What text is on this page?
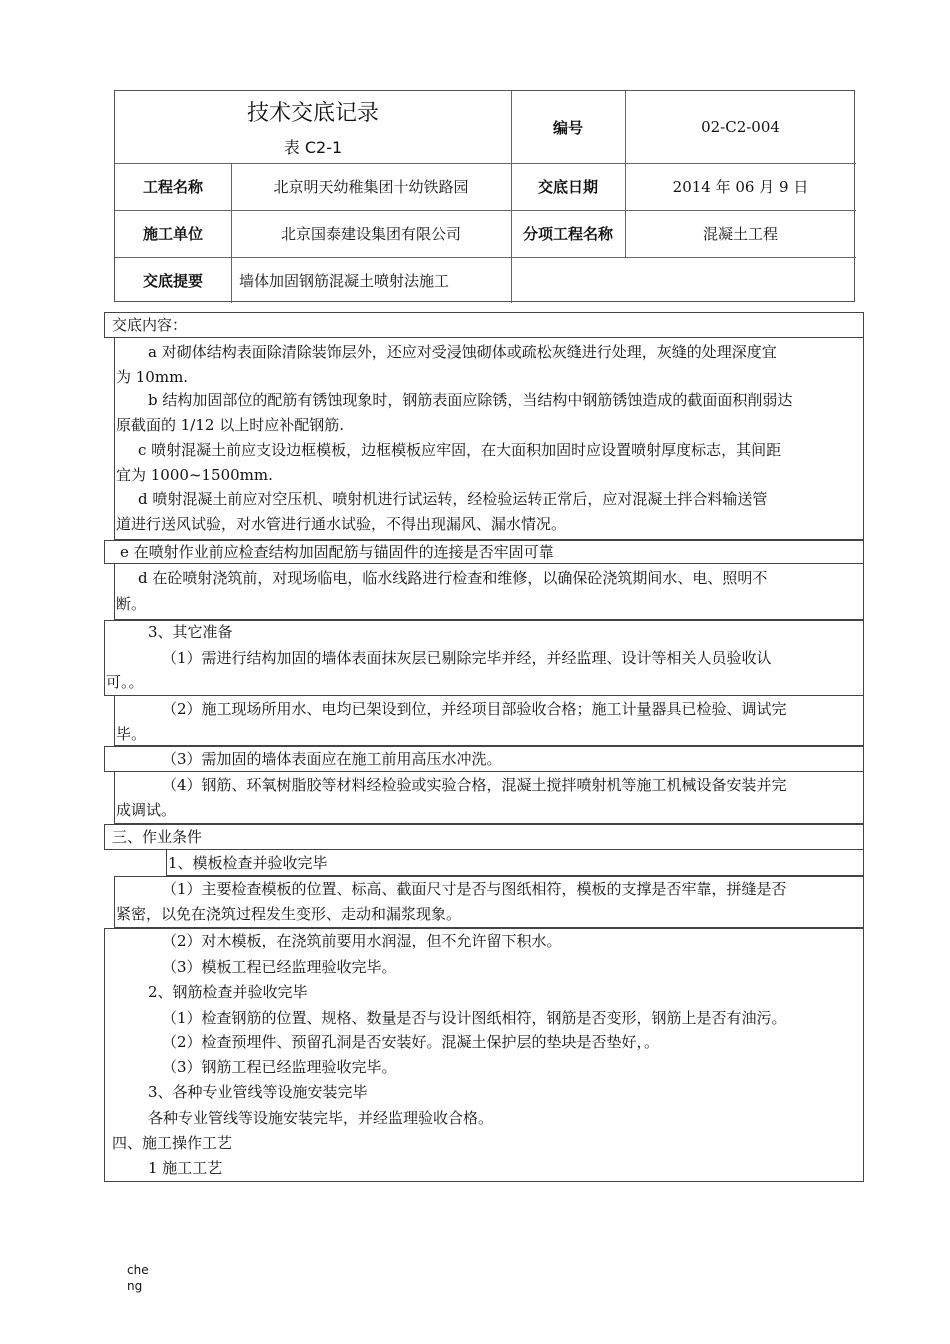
技术交底记录
表 C2-1
编号	02-C2-004
工程名称	北京明天幼稚集团十幼铁路园	交底日期	2014 年 06 月 9 日
施工单位	北京国泰建设集团有限公司	分项工程名称	混凝土工程
交底提要	墙体加固钢筋混凝土喷射法施工
交底内容：
a 对砌体结构表面除清除装饰层外，还应对受浸蚀砌体或疏松灰缝进行处理，灰缝的处理深度宜
为 10mm.
b 结构加固部位的配筋有锈蚀现象时，钢筋表面应除锈，当结构中钢筋锈蚀造成的截面面积削弱达
原截面的 1/12 以上时应补配钢筋.
c 喷射混凝土前应支设边框模板，边框模板应牢固，在大面积加固时应设置喷射厚度标志，其间距
宜为 1000~1500mm.
d 喷射混凝土前应对空压机、喷射机进行试运转，经检验运转正常后，应对混凝土拌合料输送管
道进行送风试验，对水管进行通水试验，不得出现漏风、漏水情况。
e 在喷射作业前应检查结构加固配筋与锚固件的连接是否牢固可靠
d 在砼喷射浇筑前，对现场临电，临水线路进行检查和维修，以确保砼浇筑期间水、电、照明不
断。
3、其它准备
（1）需进行结构加固的墙体表面抹灰层已剔除完毕并经，并经监理、设计等相关人员验收认
可。。
（2）施工现场所用水、电均已架设到位，并经项目部验收合格；施工计量器具已检验、调试完
毕。
（3）需加固的墙体表面应在施工前用高压水冲洗。
（4）钢筋、环氧树脂胶等材料经检验或实验合格，混凝土搅拌喷射机等施工机械设备安装并完
成调试。
三、作业条件
1、模板检查并验收完毕
（1）主要检查模板的位置、标高、截面尺寸是否与图纸相符，模板的支撑是否牢靠，拼缝是否
紧密，以免在浇筑过程发生变形、走动和漏浆现象。
（2）对木模板，在浇筑前要用水润湿，但不允许留下积水。
（3）模板工程已经监理验收完毕。
2、钢筋检查并验收完毕
（1）检查钢筋的位置、规格、数量是否与设计图纸相符，钢筋是否变形，钢筋上是否有油污。
（2）检查预埋件、预留孔洞是否安装好。混凝土保护层的垫块是否垫好，。
（3）钢筋工程已经监理验收完毕。
3、各种专业管线等设施安装完毕
各种专业管线等设施安装完毕，并经监理验收合格。
四、施工操作工艺
1 施工工艺
cheng
